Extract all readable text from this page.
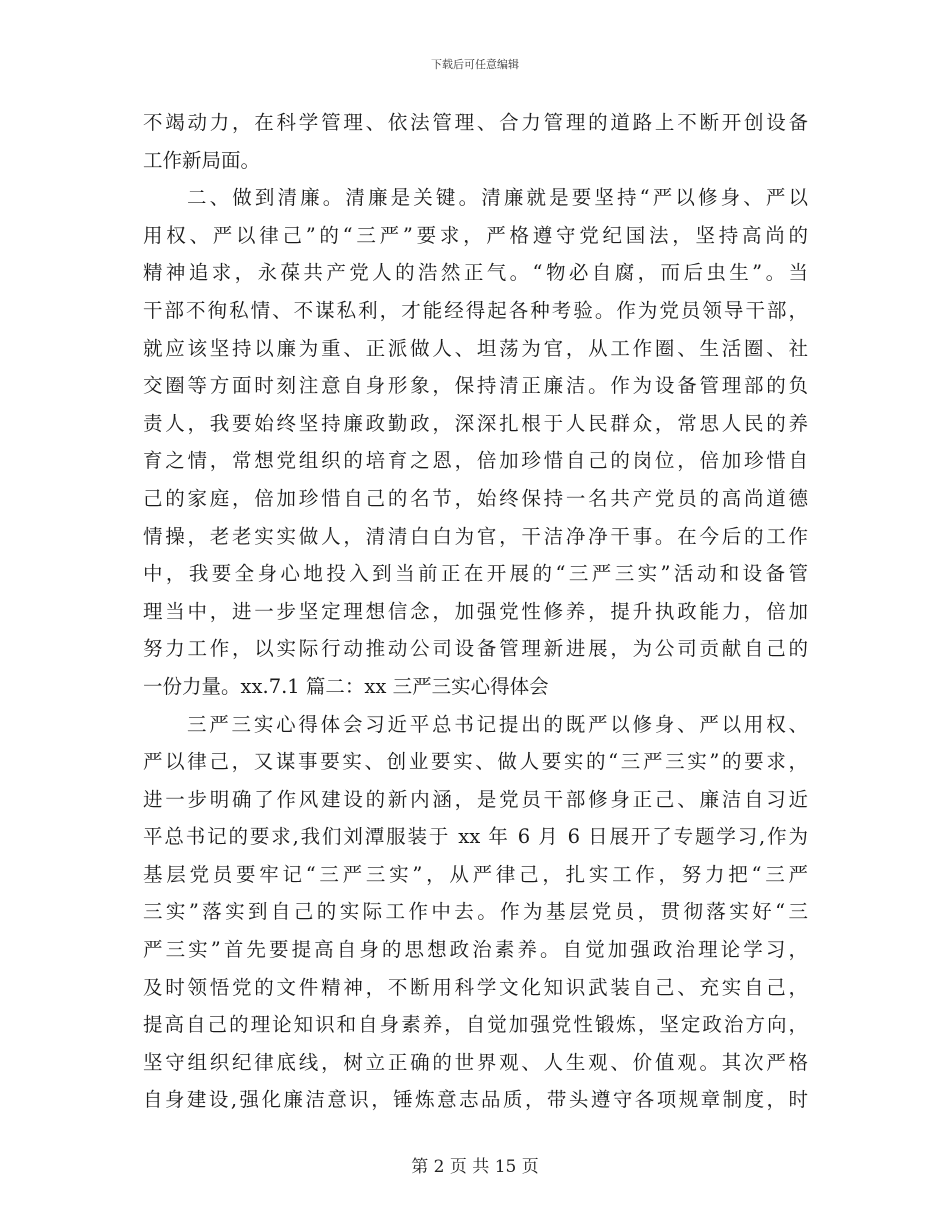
下载后可任意编辑
不竭动力，在科学管理、依法管理、合力管理的道路上不断开创设备
工作新局面。
二、做到清廉。清廉是关键。清廉就是要坚持“严以修身、严以
用权、严以律己”的“三严”要求，严格遵守党纪国法，坚持高尚的
精神追求，永葆共产党人的浩然正气。“物必自腐，而后虫生”。当
干部不徇私情、不谋私利，才能经得起各种考验。作为党员领导干部，
就应该坚持以廉为重、正派做人、坦荡为官，从工作圈、生活圈、社
交圈等方面时刻注意自身形象，保持清正廉洁。作为设备管理部的负
责人，我要始终坚持廉政勤政，深深扎根于人民群众，常思人民的养
育之情，常想党组织的培育之恩，倍加珍惜自己的岗位，倍加珍惜自
己的家庭，倍加珍惜自己的名节，始终保持一名共产党员的高尚道德
情操，老老实实做人，清清白白为官，干洁净净干事。在今后的工作
中，我要全身心地投入到当前正在开展的“三严三实”活动和设备管
理当中，进一步坚定理想信念，加强党性修养，提升执政能力，倍加
努力工作，以实际行动推动公司设备管理新进展，为公司贡献自己的
一份力量。xx.7.1 篇二：xx 三严三实心得体会
三严三实心得体会习近平总书记提出的既严以修身、严以用权、
严以律己，又谋事要实、创业要实、做人要实的“三严三实”的要求，
进一步明确了作风建设的新内涵，是党员干部修身正己、廉洁自习近
平总书记的要求,我们刘潭服装于 xx 年 6 月 6 日展开了专题学习,作为
基层党员要牢记“三严三实”，从严律己，扎实工作，努力把“三严
三实”落实到自己的实际工作中去。作为基层党员，贯彻落实好“三
严三实”首先要提高自身的思想政治素养。自觉加强政治理论学习，
及时领悟党的文件精神，不断用科学文化知识武装自己、充实自己，
提高自己的理论知识和自身素养，自觉加强党性锻炼，坚定政治方向，
坚守组织纪律底线，树立正确的世界观、人生观、价值观。其次严格
自身建设,强化廉洁意识，锤炼意志品质，带头遵守各项规章制度，时
第 2 页 共 15 页
